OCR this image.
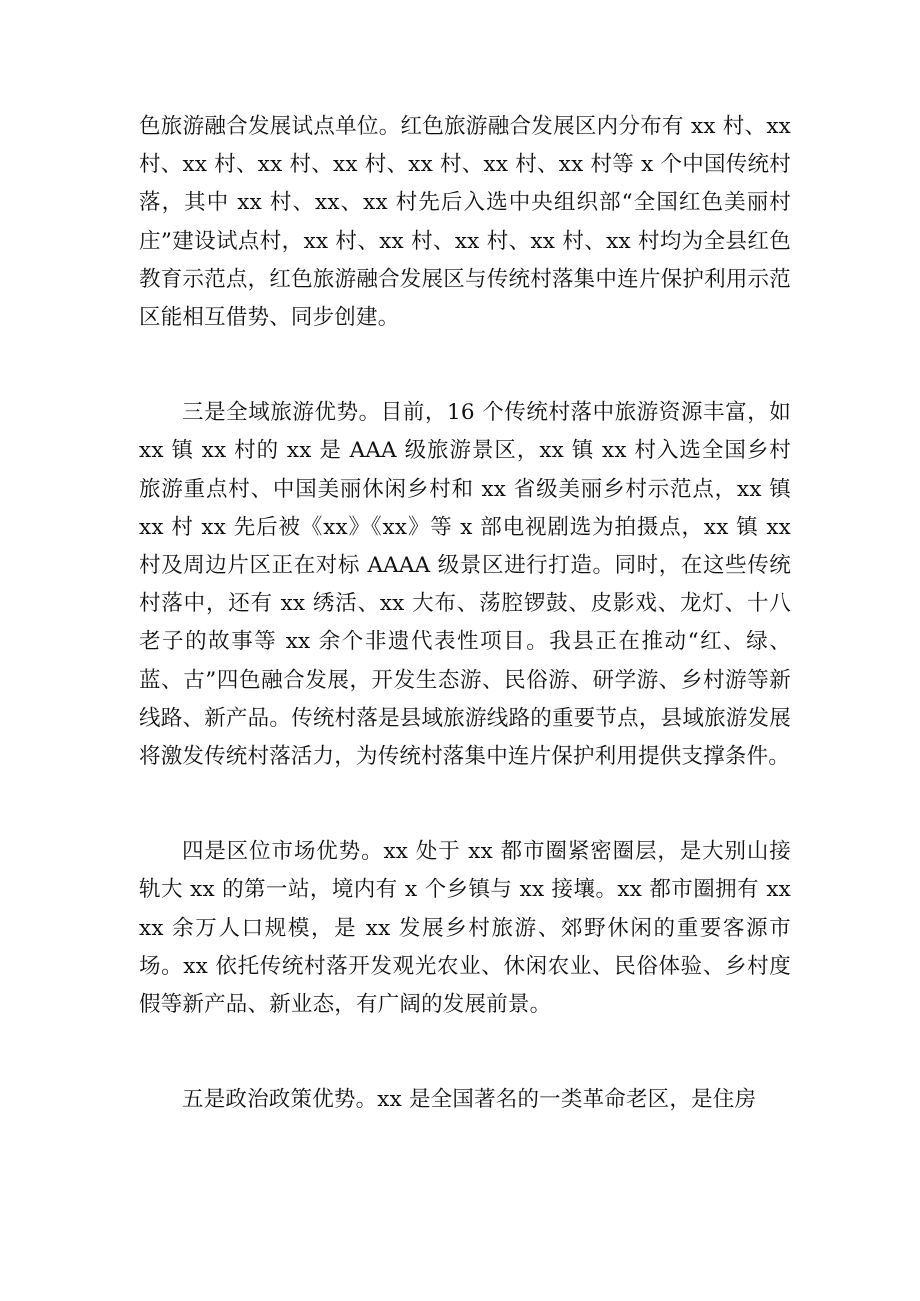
色旅游融合发展试点单位。红色旅游融合发展区内分布有 xx 村、xx 村、xx 村、xx 村、xx 村、xx 村、xx 村、xx 村等 x 个中国传统村落，其中 xx 村、xx、xx 村先后入选中央组织部“全国红色美丽村庄”建设试点村，xx 村、xx 村、xx 村、xx 村、xx 村均为全县红色教育示范点，红色旅游融合发展区与传统村落集中连片保护利用示范区能相互借势、同步创建。

三是全域旅游优势。目前，16 个传统村落中旅游资源丰富，如 xx 镇 xx 村的 xx 是 AAA 级旅游景区，xx 镇 xx 村入选全国乡村旅游重点村、中国美丽休闲乡村和 xx 省级美丽乡村示范点，xx 镇 xx 村 xx 先后被《xx》《xx》等 x 部电视剧选为拍摄点，xx 镇 xx 村及周边片区正在对标 AAAA 级景区进行打造。同时，在这些传统村落中，还有 xx 绣活、xx 大布、荡腔锣鼓、皮影戏、龙灯、十八老子的故事等 xx 余个非遗代表性项目。我县正在推动“红、绿、蓝、古”四色融合发展，开发生态游、民俗游、研学游、乡村游等新线路、新产品。传统村落是县域旅游线路的重要节点，县域旅游发展将激发传统村落活力，为传统村落集中连片保护利用提供支撑条件。

四是区位市场优势。xx 处于 xx 都市圈紧密圈层，是大别山接轨大 xx 的第一站，境内有 x 个乡镇与 xx 接壤。xx 都市圈拥有 xxxx 余万人口规模，是 xx 发展乡村旅游、郊野休闲的重要客源市场。xx 依托传统村落开发观光农业、休闲农业、民俗体验、乡村度假等新产品、新业态，有广阔的发展前景。

五是政治政策优势。xx 是全国著名的一类革命老区，是住房
